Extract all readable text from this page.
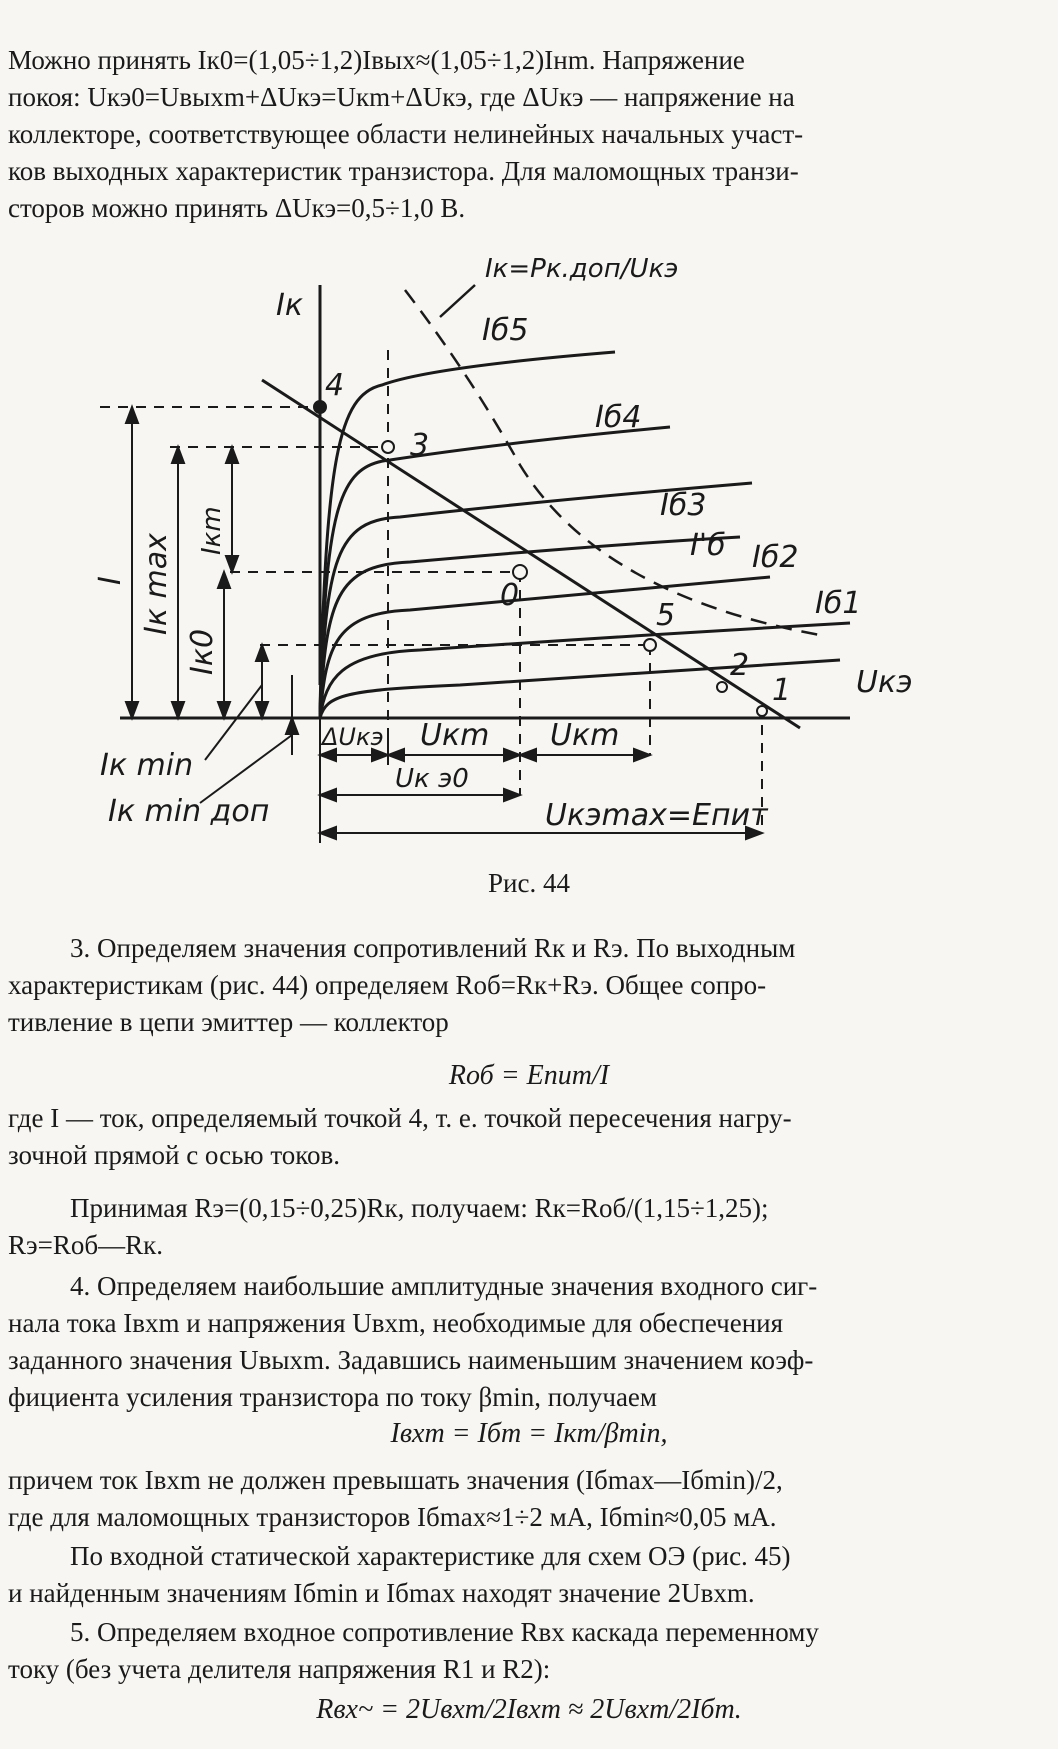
Можно принять Iк0=(1,05÷1,2)Iвых≈(1,05÷1,2)Iнm. Напряжение
покоя: Uкэ0=Uвыхm+ΔUкэ=Uкm+ΔUкэ, где ΔUкэ — напряжение на
коллекторе, соответствующее области нелинейных начальных участ-
ков выходных характеристик транзистора. Для маломощных транзи-
сторов можно принять ΔUкэ=0,5÷1,0 В.

Iк
Uкэ
Iк=Pк.доп/Uкэ
Iб5
Iб4
Iб3
I'б Iб2
Iб1
4
3
0
5
2
1
I Iк max
Iк0
Iкm
ΔUкэ Uкm Uкm
Uк э0
Uкэmax=Eпит
Iк min
Iк min доп
Рис. 44

3. Определяем значения сопротивлений Rк и Rэ. По выходным
характеристикам (рис. 44) определяем Rоб=Rк+Rэ. Общее сопро-
тивление в цепи эмиттер — коллектор

Rоб = Eпит/I

где I — ток, определяемый точкой 4, т. е. точкой пересечения нагру-
зочной прямой с осью токов.

Принимая Rэ=(0,15÷0,25)Rк, получаем: Rк=Rоб/(1,15÷1,25);
Rэ=Rоб—Rк.

4. Определяем наибольшие амплитудные значения входного сиг-
нала тока Iвхm и напряжения Uвхm, необходимые для обеспечения
заданного значения Uвыхm. Задавшись наименьшим значением коэф-
фициента усиления транзистора по току βmin, получаем

Iвхm = Iбm = Iкm/βmin,

причем ток Iвхm не должен превышать значения (Iбmax—Iбmin)/2,
где для маломощных транзисторов Iбmax≈1÷2 мА, Iбmin≈0,05 мА.

По входной статической характеристике для схем ОЭ (рис. 45)
и найденным значениям Iбmin и Iбmax находят значение 2Uвхm.

5. Определяем входное сопротивление Rвх каскада переменному
току (без учета делителя напряжения R1 и R2):

Rвх~ = 2Uвхm/2Iвхm ≈ 2Uвхm/2Iбm.
